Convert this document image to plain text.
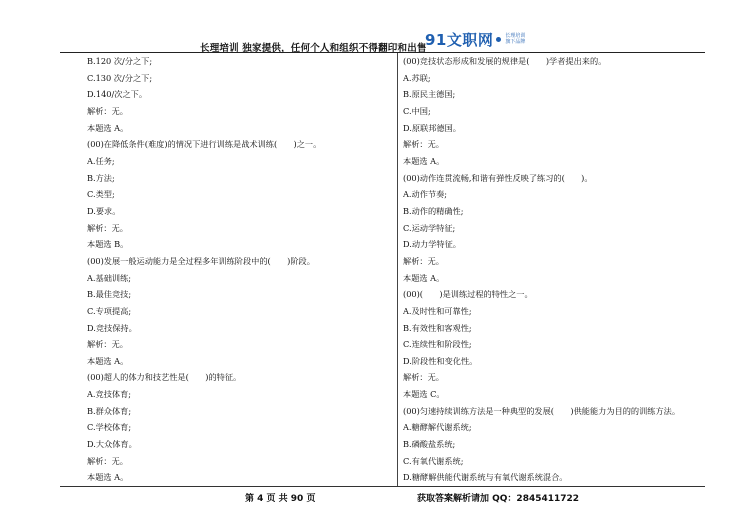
长理培训 独家提供，任何个人和组织不得翻印和出售
91文职网 长理培训
旗下品牌
B.120 次/分之下;
C.130 次/分之下;
D.140/次之下。
解析：无。
本题选 A。
(00)在降低条件(难度)的情况下进行训练是战术训练(　　)之一。
A.任务;
B.方法;
C.类型;
D.要求。
解析：无。
本题选 B。
(00)发展一般运动能力是全过程多年训练阶段中的(　　)阶段。
A.基础训练;
B.最佳竞技;
C.专项提高;
D.竞技保持。
解析：无。
本题选 A。
(00)超人的体力和技艺性是(　　)的特征。
A.竞技体育;
B.群众体育;
C.学校体育;
D.大众体育。
解析：无。
本题选 A。
(00)竞技状态形成和发展的规律是(　　)学者提出来的。
A.苏联;
B.原民主德国;
C.中国;
D.原联邦德国。
解析：无。
本题选 A。
(00)动作连贯流畅,和谐有弹性反映了练习的(　　)。
A.动作节奏;
B.动作的精确性;
C.运动学特征;
D.动力学特征。
解析：无。
本题选 A。
(00)(　　)是训练过程的特性之一。
A.及时性和可靠性;
B.有效性和客观性;
C.连续性和阶段性;
D.阶段性和变化性。
解析：无。
本题选 C。
(00)匀速持续训练方法是一种典型的发展(　　)供能能力为目的的训练方法。
A.糖酵解代谢系统;
B.磷酸盐系统;
C.有氧代谢系统;
D.糖酵解供能代谢系统与有氧代谢系统混合。
第 4 页 共 90 页	获取答案解析请加 QQ：2845411722
